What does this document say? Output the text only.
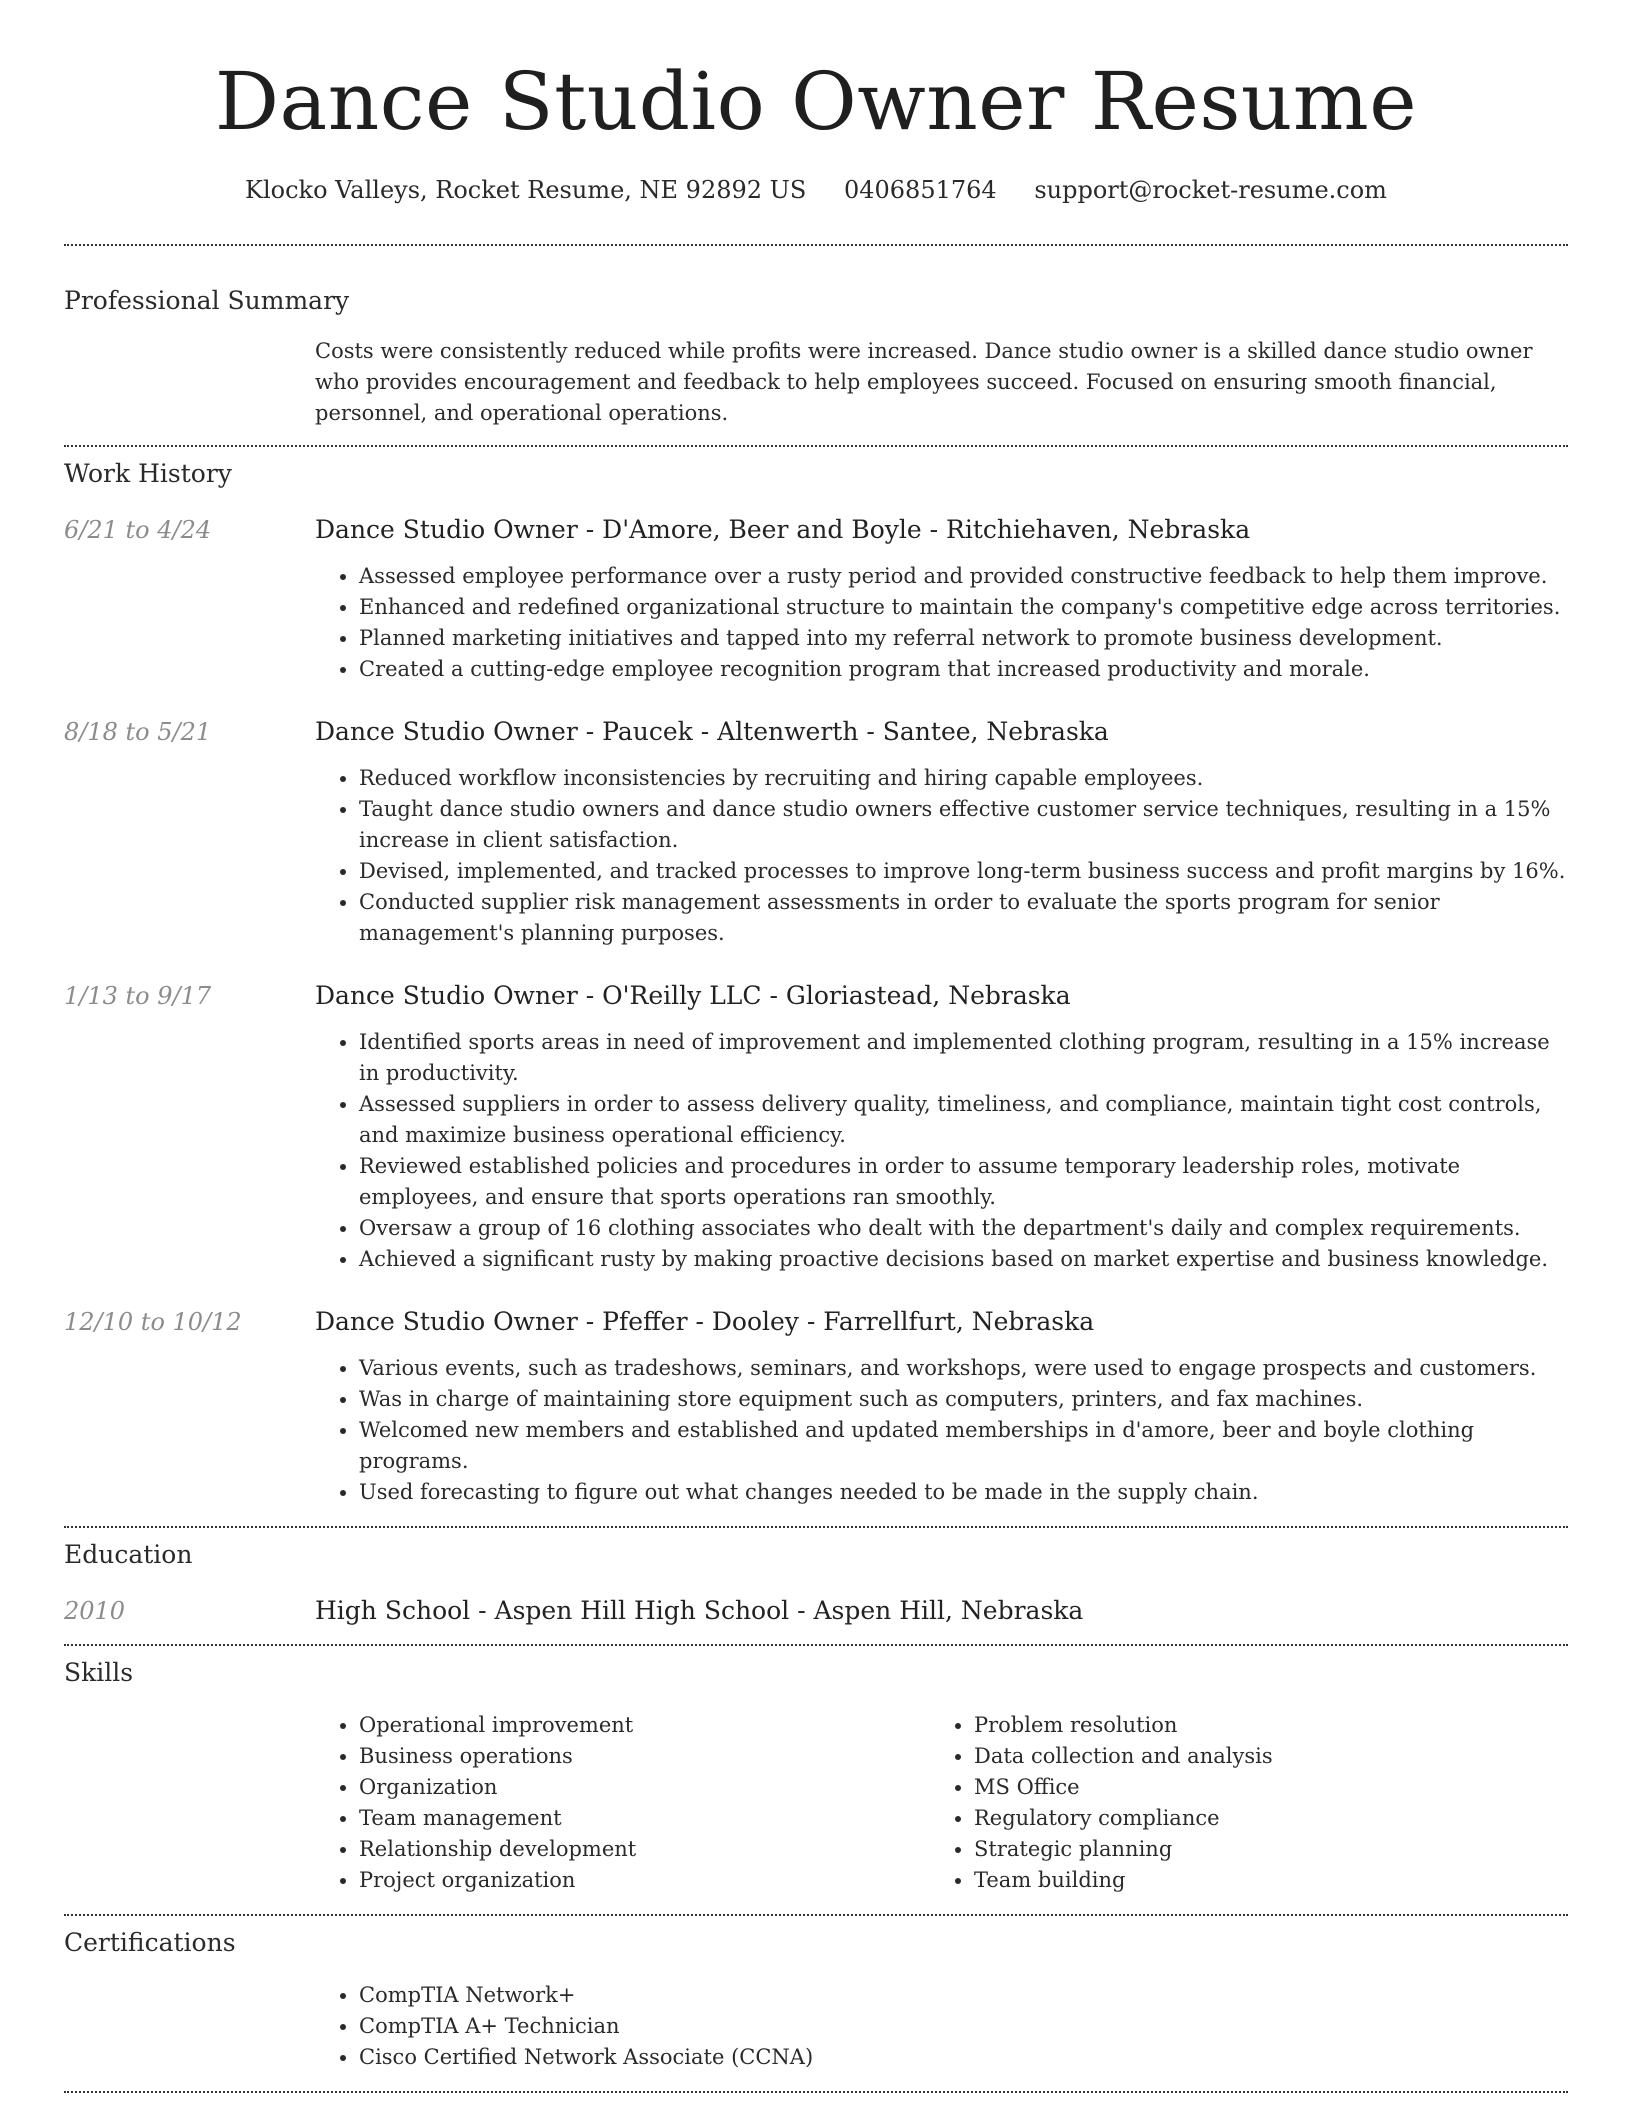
Dance Studio Owner Resume
Klocko Valleys, Rocket Resume, NE 92892 US 0406851764 support@rocket-resume.com
Professional Summary

Costs were consistently reduced while profits were increased. Dance studio owner is a skilled dance studio owner who provides encouragement and feedback to help employees succeed. Focused on ensuring smooth financial, personnel, and operational operations.

Work History
6/21 to 4/24	Dance Studio Owner - D'Amore, Beer and Boyle - Ritchiehaven, Nebraska
• Assessed employee performance over a rusty period and provided constructive feedback to help them improve.
• Enhanced and redefined organizational structure to maintain the company's competitive edge across territories.
• Planned marketing initiatives and tapped into my referral network to promote business development.
• Created a cutting-edge employee recognition program that increased productivity and morale.
8/18 to 5/21	Dance Studio Owner - Paucek - Altenwerth - Santee, Nebraska
• Reduced workflow inconsistencies by recruiting and hiring capable employees.
• Taught dance studio owners and dance studio owners effective customer service techniques, resulting in a 15% increase in client satisfaction.
• Devised, implemented, and tracked processes to improve long-term business success and profit margins by 16%.
• Conducted supplier risk management assessments in order to evaluate the sports program for senior management's planning purposes.
1/13 to 9/17	Dance Studio Owner - O'Reilly LLC - Gloriastead, Nebraska
• Identified sports areas in need of improvement and implemented clothing program, resulting in a 15% increase in productivity.
• Assessed suppliers in order to assess delivery quality, timeliness, and compliance, maintain tight cost controls, and maximize business operational efficiency.
• Reviewed established policies and procedures in order to assume temporary leadership roles, motivate employees, and ensure that sports operations ran smoothly.
• Oversaw a group of 16 clothing associates who dealt with the department's daily and complex requirements.
• Achieved a significant rusty by making proactive decisions based on market expertise and business knowledge.
12/10 to 10/12	Dance Studio Owner - Pfeffer - Dooley - Farrellfurt, Nebraska
• Various events, such as tradeshows, seminars, and workshops, were used to engage prospects and customers.
• Was in charge of maintaining store equipment such as computers, printers, and fax machines.
• Welcomed new members and established and updated memberships in d'amore, beer and boyle clothing programs.
• Used forecasting to figure out what changes needed to be made in the supply chain.
Education
2010	High School - Aspen Hill High School - Aspen Hill, Nebraska
Skills
• Operational improvement
• Business operations
• Organization
• Team management
• Relationship development
• Project organization
• Problem resolution
• Data collection and analysis
• MS Office
• Regulatory compliance
• Strategic planning
• Team building
Certifications
• CompTIA Network+
• CompTIA A+ Technician
• Cisco Certified Network Associate (CCNA)
